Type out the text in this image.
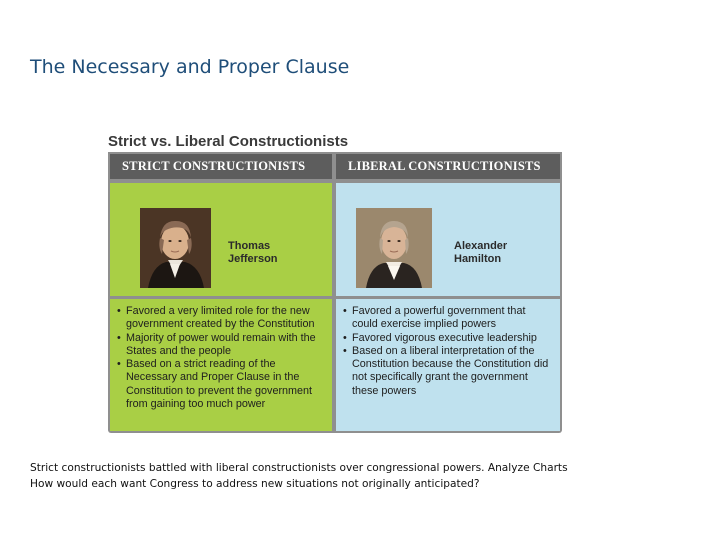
The Necessary and Proper Clause
Strict vs. Liberal Constructionists
STRICT CONSTRUCTIONISTS	LIBERAL CONSTRUCTIONISTS
Thomas
Jefferson
Alexander
Hamilton
• Favored a very limited role for the new government created by the Constitution
• Majority of power would remain with the States and the people
• Based on a strict reading of the Necessary and Proper Clause in the Constitution to prevent the government from gaining too much power
• Favored a powerful government that could exercise implied powers
• Favored vigorous executive leadership
• Based on a liberal interpretation of the Constitution because the Constitution did not specifically grant the government these powers
Strict constructionists battled with liberal constructionists over congressional powers. Analyze Charts
How would each want Congress to address new situations not originally anticipated?
